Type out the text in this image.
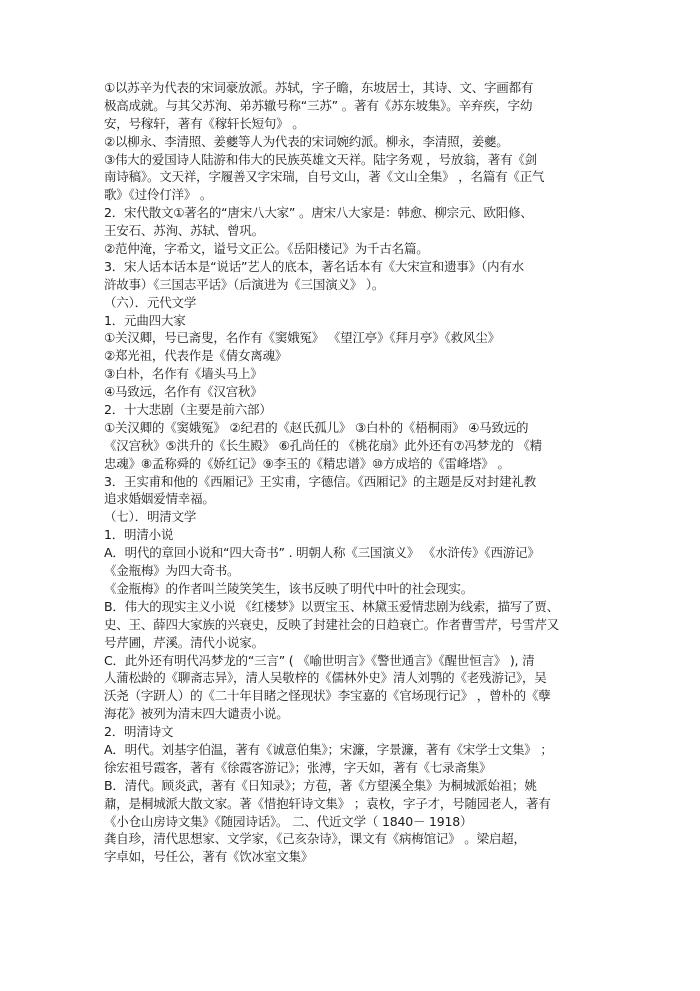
①以苏辛为代表的宋词豪放派。苏轼，字子瞻，东坡居士，其诗、文、字画都有
极高成就。与其父苏洵、弟苏辙号称“三苏” 。著有《苏东坡集》。辛弃疾，字幼
安，号稼轩，著有《稼轩长短句》 。
②以柳永、李清照、姜夔等人为代表的宋词婉约派。柳永，李清照，姜夔。
③伟大的爱国诗人陆游和伟大的民族英雄文天祥。陆字务观 ，号放翁，著有《剑
南诗稿》。文天祥，字履善又字宋瑞，自号文山，著《文山全集》 ，名篇有《正气
歌》《过伶仃洋》 。
2．宋代散文①著名的“唐宋八大家” 。唐宋八大家是：韩愈、柳宗元、欧阳修、
王安石、苏洵、苏轼、曾巩。
②范仲淹，字希文，谥号文正公。《岳阳楼记》为千古名篇。
3．宋人话本话本是“说话”艺人的底本，著名话本有《大宋宣和遗事》（内有水
浒故事）《三国志平话》（后演进为《三国演义》 ）。
（六）．元代文学
1．元曲四大家
①关汉卿，号已斋叟，名作有《窦娥冤》 《望江亭》《拜月亭》《救风尘》
②郑光祖，代表作是《倩女离魂》
③白朴，名作有《墙头马上》
④马致远，名作有《汉宫秋》
2．十大悲剧（主要是前六部）
①关汉卿的《窦娥冤》 ②纪君的《赵氏孤儿》 ③白朴的《梧桐雨》 ④马致远的
《汉宫秋》⑤洪升的《长生殿》 ⑥孔尚任的 《桃花扇》此外还有⑦冯梦龙的 《精
忠魂》⑧孟称舜的《娇红记》⑨李玉的《精忠谱》⑩方成培的《雷峰塔》 。
3．王实甫和他的《西厢记》王实甫，字德信。《西厢记》的主题是反对封建礼教
追求婚姻爱情幸福。
（七）．明清文学
1．明清小说
A．明代的章回小说和“四大奇书” . 明朝人称《三国演义》 《水浒传》《西游记》
《金瓶梅》为四大奇书。
《金瓶梅》的作者叫兰陵笑笑生，该书反映了明代中叶的社会现实。
B．伟大的现实主义小说 《红楼梦》以贾宝玉、林黛玉爱情悲剧为线索，描写了贾、
史、王、薛四大家族的兴衰史，反映了封建社会的日趋衰亡。作者曹雪芹，号雪芹又
号芹圃，芹溪。清代小说家。
C．此外还有明代冯梦龙的“三言” ( 《喻世明言》《警世通言》《醒世恒言》 ), 清
人蒲松龄的《聊斋志异》，清人吴敬梓的《儒林外史》清人刘鹗的《老残游记》，吴
沃尧（字趼人）的《二十年目睹之怪现状》李宝嘉的《官场现行记》 ，曾朴的《孽
海花》被列为清末四大谴责小说。
2．明清诗文
A．明代。刘基字伯温，著有《诚意伯集》；宋濂，字景濂，著有《宋学士文集》 ；
徐宏祖号霞客，著有《徐霞客游记》；张溥，字天如，著有《七录斋集》
B．清代。顾炎武，著有《日知录》；方苞，著《方望溪全集》为桐城派始祖；姚
鼐，是桐城派大散文家。著《惜抱轩诗文集》 ；袁枚，字子才，号随园老人，著有
《小仓山房诗文集》《随园诗话》。 二、代近文学（ 1840－ 1918）
龚自珍，清代思想家、文学家，《己亥杂诗》，课文有《病梅馆记》 。梁启超，
字卓如，号任公，著有《饮冰室文集》
